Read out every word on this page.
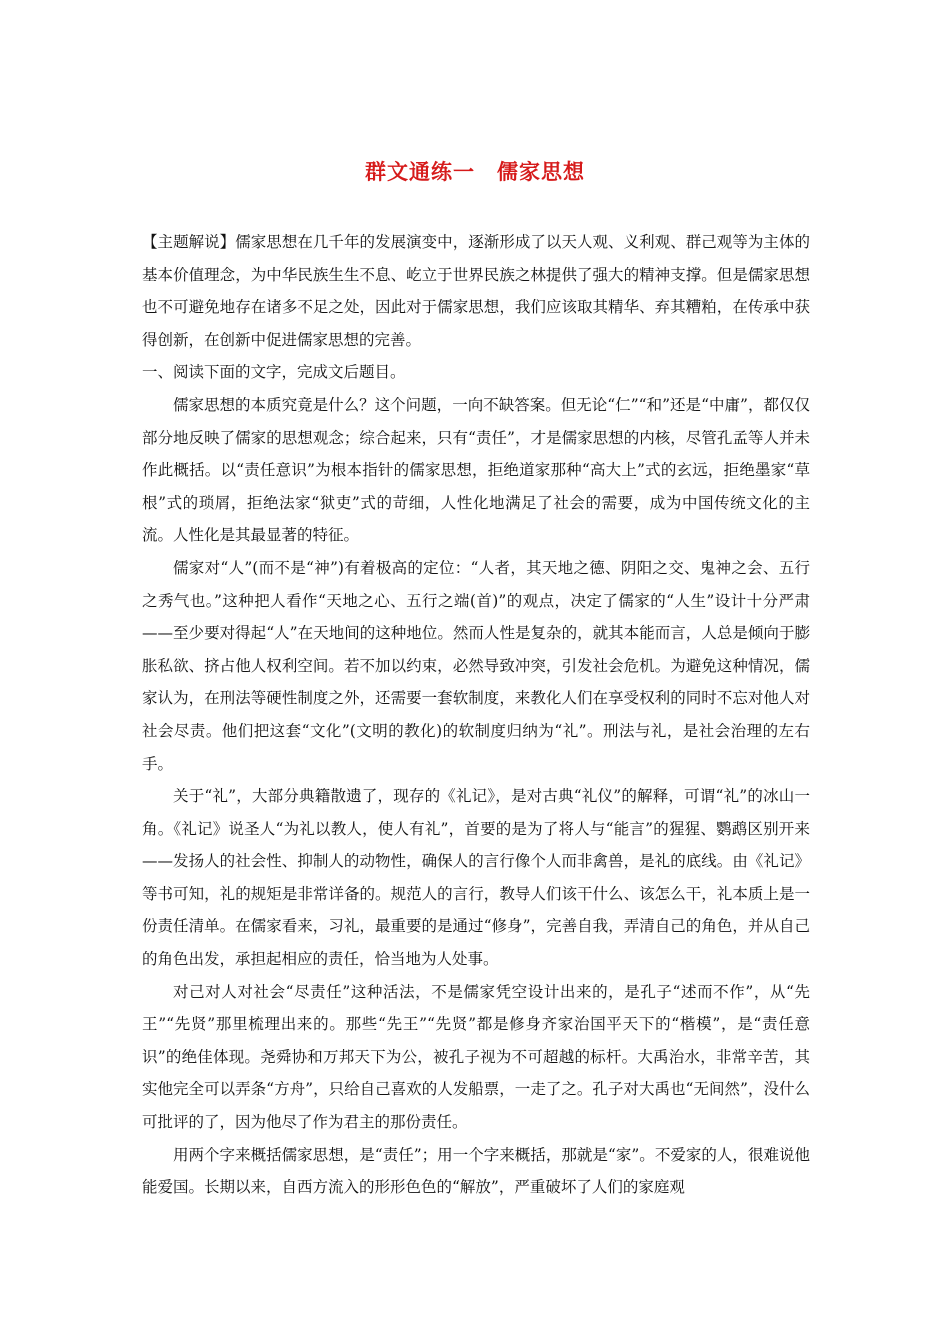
群文通练一　儒家思想

【主题解说】儒家思想在几千年的发展演变中，逐渐形成了以天人观、义利观、群己观等为主体的基本价值理念，为中华民族生生不息、屹立于世界民族之林提供了强大的精神支撑。但是儒家思想也不可避免地存在诸多不足之处，因此对于儒家思想，我们应该取其精华、弃其糟粕，在传承中获得创新，在创新中促进儒家思想的完善。

一、阅读下面的文字，完成文后题目。

儒家思想的本质究竟是什么？这个问题，一向不缺答案。但无论“仁”“和”还是“中庸”，都仅仅部分地反映了儒家的思想观念；综合起来，只有“责任”，才是儒家思想的内核，尽管孔孟等人并未作此概括。以“责任意识”为根本指针的儒家思想，拒绝道家那种“高大上”式的玄远，拒绝墨家“草根”式的琐屑，拒绝法家“狱吏”式的苛细，人性化地满足了社会的需要，成为中国传统文化的主流。人性化是其最显著的特征。

儒家对“人”(而不是“神”)有着极高的定位：“人者，其天地之德、阴阳之交、鬼神之会、五行之秀气也。”这种把人看作“天地之心、五行之端(首)”的观点，决定了儒家的“人生”设计十分严肃——至少要对得起“人”在天地间的这种地位。然而人性是复杂的，就其本能而言，人总是倾向于膨胀私欲、挤占他人权利空间。若不加以约束，必然导致冲突，引发社会危机。为避免这种情况，儒家认为，在刑法等硬性制度之外，还需要一套软制度，来教化人们在享受权利的同时不忘对他人对社会尽责。他们把这套“文化”(文明的教化)的软制度归纳为“礼”。刑法与礼，是社会治理的左右手。

关于“礼”，大部分典籍散遗了，现存的《礼记》，是对古典“礼仪”的解释，可谓“礼”的冰山一角。《礼记》说圣人“为礼以教人，使人有礼”，首要的是为了将人与“能言”的猩猩、鹦鹉区别开来——发扬人的社会性、抑制人的动物性，确保人的言行像个人而非禽兽，是礼的底线。由《礼记》等书可知，礼的规矩是非常详备的。规范人的言行，教导人们该干什么、该怎么干，礼本质上是一份责任清单。在儒家看来，习礼，最重要的是通过“修身”，完善自我，弄清自己的角色，并从自己的角色出发，承担起相应的责任，恰当地为人处事。

对己对人对社会“尽责任”这种活法，不是儒家凭空设计出来的，是孔子“述而不作”，从“先王”“先贤”那里梳理出来的。那些“先王”“先贤”都是修身齐家治国平天下的“楷模”，是“责任意识”的绝佳体现。尧舜协和万邦天下为公，被孔子视为不可超越的标杆。大禹治水，非常辛苦，其实他完全可以弄条“方舟”，只给自己喜欢的人发船票，一走了之。孔子对大禹也“无间然”，没什么可批评的了，因为他尽了作为君主的那份责任。

用两个字来概括儒家思想，是“责任”；用一个字来概括，那就是“家”。不爱家的人，很难说他能爱国。长期以来，自西方流入的形形色色的“解放”，严重破坏了人们的家庭观
